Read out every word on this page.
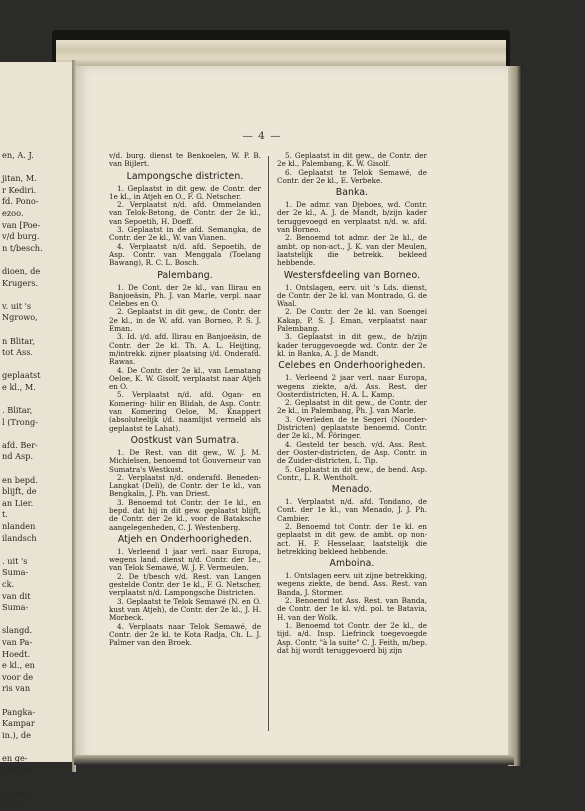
en, A. J.

jitan, M.
r Kediri.
fd. Pono-
ezoo.
van [Poe-
v/d burg.
n t/besch.

dioen, de
Krugers.

v. uit 's
Ngrowo,

n Blitar,
tot Ass.

geplaatst
e kl., M.

. Blitar,
l (Trong-

afd. Ber-
nd Asp.

en bepd.
blijft, de
an Lier.
t.
nlanden
ilandsch

. uit 's
Suma-
ck.
van dit
Suma-

slangd.
van Pa-
Hoedt.
e kl., en
voor de
ris van

Pangka-
Kampar
in.), de

en ge-
mbt. te

er Om.
ambt-
— 4 —

v/d. burg. dienst te Benkoelen, W. P. B. van Bijlert.

Lampongsche districten.

1. Geplaatst in dit gew. de Contr. der 1e kl., in Atjeh en O., F. G. Netscher.

2. Verplaatst n/d. afd. Ommelanden van Telok-Betong, de Contr. der 2e kl., van Sepoetih, H. Doeff.

3. Geplaatst in de afd. Semangka, de Contr. der 2e kl., W. van Vianen.

4. Verplaatst n/d. afd. Sepoetih, de Asp. Contr. van Menggala (Toelang Bawang), R. C. L. Bosch.

Palembang.

1. De Cont. der 2e kl., van Ilirau en Banjoeäsin, Ph. J. van Marle, verpl. naar Celebes en O.

2. Geplaatst in dit gew., de Contr. der 2e kl., in de W. afd. van Borneo, P. S. J. Eman.

3. Id. i/d. afd. Ilirau en Banjoeäsin, de Contr. der 2e kl. Th. A. L. Heijting, m/intrekk. zijner plaatsing i/d. Onderafd. Rawas.

4. De Contr. der 2e kl., van Lematang Oeloe, K. W. Gisolf, verplaatst naar Atjeh en O.

5. Verplaatst n/d. afd. Ogan- en Komering- hilir en Blidah, de Asp. Contr. van Komering Oeloe, M. Knappert (absoluteelijk i/d. naamlijst vermeld als geplaatst te Lahat).

Oostkust van Sumatra.

1. De Rest. van dit gew., W. J. M. Michielsen, benoemd tot Gouverneur van Sumatra's Westkust.

2. Verplaatst n/d. onderafd. Beneden-Langkat (Deli), de Contr. der 1e kl., van Bengkalis, J. Ph. van Driest.

3. Benoemd tot Contr. der 1e kl., en bepd. dat hij in dit gew. geplaatst blijft, de Contr. der 2e kl., voor de Bataksche aangelegenheden, C. J. Westenberg.

Atjeh en Onderhoorigheden.

1. Verleend 1 jaar verl. naar Europa, wegens land. dienst n/d. Contr. der 1e., van Telok Semawé, W. J. F. Vermeulen.

2. De t/besch v/d. Rest. van Langen gestelde Contr. der 1e kl., F. G. Netscher, verplaatst n/d. Lampongsche Districten.

3. Geplaatst te Telok Semawé (N. en O. kust van Atjeh), de Contr. der 2e kl., J. H. Morbeck.

4. Verplaats naar Telok Semawé, de Contr. der 2e kl. te Kota Radja, Ch. L. J. Palmer van den Broek.

5. Geplaatst in dit gew., de Contr. der 2e kl., Palembang, K. W. Gisolf.

6. Geplaatst te Telok Semawé, de Contr. der 2e kl., E. Verbeke.

Banka.

1. De admr. van Djeboes, wd. Contr. der 2e kl., A. J. de Mandt, b/zijn kader teruggevoegd en verplaatst n/d. w. afd. van Borneo.

2. Benoemd tot admr. der 2e kl., de ambt. op non-act., J. K. van der Meulen, laatstelijk die betrekk. bekleed hebbende.

Westersfdeeling van Borneo.

1. Ontslagen, eerv. uit 's Lds. dienst, de Contr. der 2e kl. van Montrado, G. de Waal.

2. De Contr. der 2e kl. van Soengei Kakap, P. S. J. Eman, verplaatst naar Palembang.

3. Geplaatst in dit gew., de b/zijn kader teruggevoegde wd. Contr. der 2e kl. in Banka, A. J. de Mandt.

Celebes en Onderhoorigheden.

1. Verleend 2 jaar verl. naar Europa, wegens ziekte, a/d. Ass. Rest. der Oosterdistricten, H. A. L. Kamp.

2. Geplaatst in dit gew., de Contr. der 2e kl., in Palembang, Ph. J. van Marle.

3. Overleden de te Segeri (Noorder-Districten) geplaatste benoemd. Contr. der 2e kl., M. Föringer.

4. Gesteld ter besch. v/d. Ass. Rest. der Ooster-districten, de Asp. Contr. in de Zuider-districten, L. Tip.

5. Geplaatst in dit gew., de bend. Asp. Contr., L. R. Wentholt.

Menado.

1. Verplaatst n/d. afd. Tondano, de Cont. der 1e kl., van Menado, J. J. Ph. Cambier.

2. Benoemd tot Contr. der 1e kl. en geplaatst in dit gew. de ambt. op non-act. H. F. Hesselaar, laatstelijk die betrekking bekleed hebbende.

Amboina.

1. Ontslagen eerv. uit zijne betrekking, wegens ziekte, de bend. Ass. Rest. van Banda, J. Stormer.

2. Benoemd tot Ass. Rest. van Banda, de Contr. der 1e kl. v/d. pol. te Batavia, H. van der Wolk.

1. Benoemd tot Contr. der 2e kl., de tijd. a/d. Insp. Liefrinck toegevoegde Asp. Contr. "à la suite" C. J. Feith, m/bep. dat hij wordt teruggevoerd bij zijn
